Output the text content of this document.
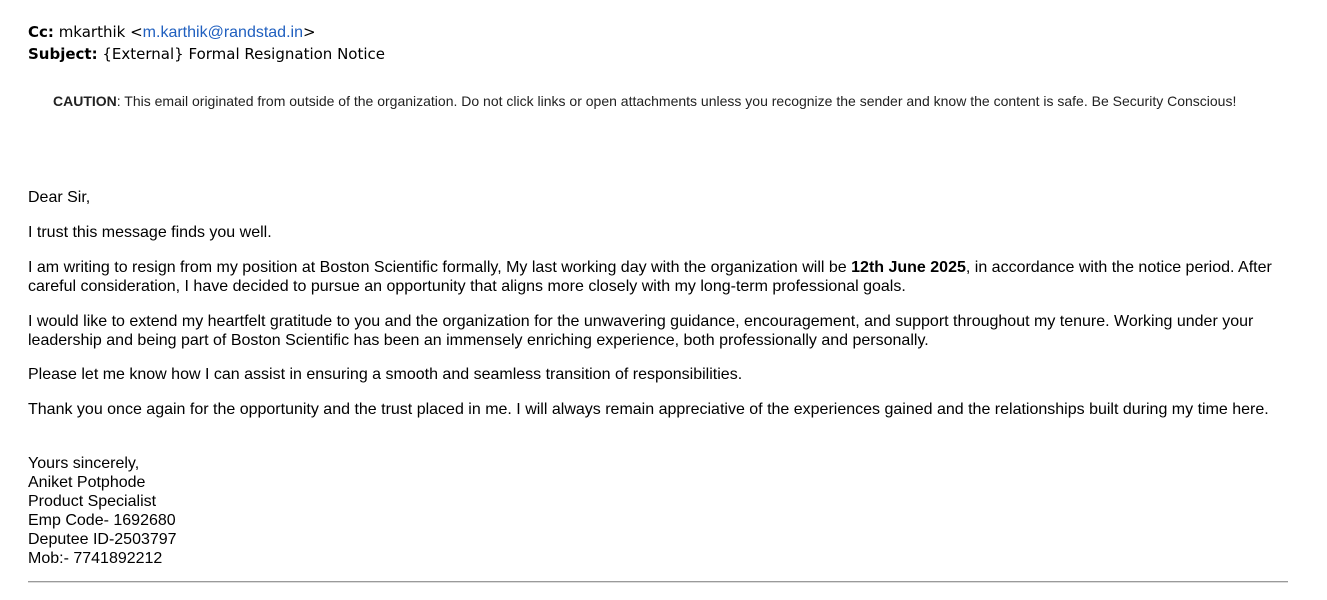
Cc: mkarthik <m.karthik@randstad.in>
Subject: {External} Formal Resignation Notice
CAUTION: This email originated from outside of the organization. Do not click links or open attachments unless you recognize the sender and know the content is safe. Be Security Conscious!

Dear Sir,

I trust this message finds you well.

I am writing to resign from my position at Boston Scientific formally, My last working day with the organization will be 12th June 2025, in accordance with the notice period. After careful consideration, I have decided to pursue an opportunity that aligns more closely with my long-term professional goals.

I would like to extend my heartfelt gratitude to you and the organization for the unwavering guidance, encouragement, and support throughout my tenure. Working under your leadership and being part of Boston Scientific has been an immensely enriching experience, both professionally and personally.

Please let me know how I can assist in ensuring a smooth and seamless transition of responsibilities.

Thank you once again for the opportunity and the trust placed in me. I will always remain appreciative of the experiences gained and the relationships built during my time here.

Yours sincerely,
Aniket Potphode
Product Specialist
Emp Code- 1692680
Deputee ID-2503797
Mob:- 7741892212
